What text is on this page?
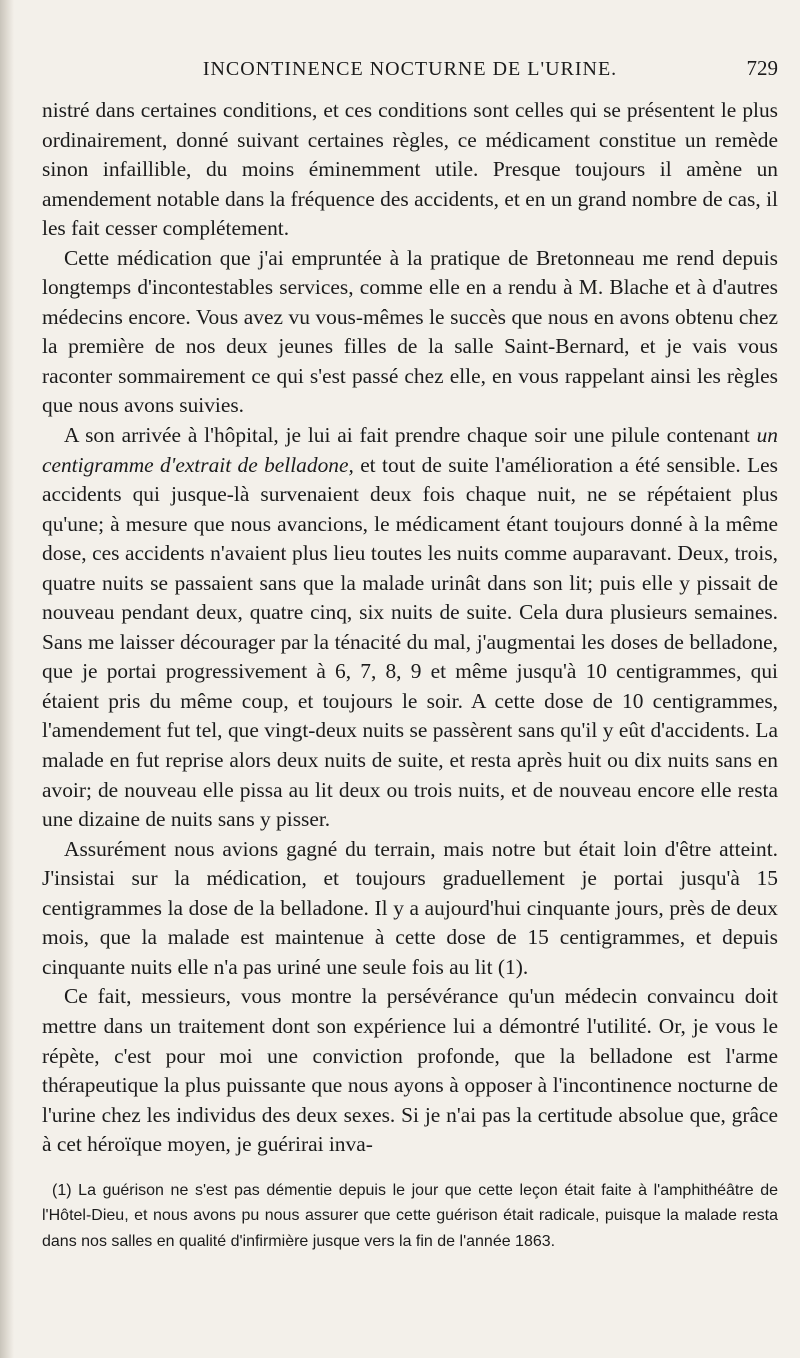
INCONTINENCE NOCTURNE DE L'URINE.	729

nistré dans certaines conditions, et ces conditions sont celles qui se présentent le plus ordinairement, donné suivant certaines règles, ce médicament constitue un remède sinon infaillible, du moins éminemment utile. Presque toujours il amène un amendement notable dans la fréquence des accidents, et en un grand nombre de cas, il les fait cesser complétement.

Cette médication que j'ai empruntée à la pratique de Bretonneau me rend depuis longtemps d'incontestables services, comme elle en a rendu à M. Blache et à d'autres médecins encore. Vous avez vu vous-mêmes le succès que nous en avons obtenu chez la première de nos deux jeunes filles de la salle Saint-Bernard, et je vais vous raconter sommairement ce qui s'est passé chez elle, en vous rappelant ainsi les règles que nous avons suivies.

A son arrivée à l'hôpital, je lui ai fait prendre chaque soir une pilule contenant un centigramme d'extrait de belladone, et tout de suite l'amélioration a été sensible. Les accidents qui jusque-là survenaient deux fois chaque nuit, ne se répétaient plus qu'une; à mesure que nous avancions, le médicament étant toujours donné à la même dose, ces accidents n'avaient plus lieu toutes les nuits comme auparavant. Deux, trois, quatre nuits se passaient sans que la malade urinât dans son lit; puis elle y pissait de nouveau pendant deux, quatre cinq, six nuits de suite. Cela dura plusieurs semaines. Sans me laisser décourager par la ténacité du mal, j'augmentai les doses de belladone, que je portai progressivement à 6, 7, 8, 9 et même jusqu'à 10 centigrammes, qui étaient pris du même coup, et toujours le soir. A cette dose de 10 centigrammes, l'amendement fut tel, que vingt-deux nuits se passèrent sans qu'il y eût d'accidents. La malade en fut reprise alors deux nuits de suite, et resta après huit ou dix nuits sans en avoir; de nouveau elle pissa au lit deux ou trois nuits, et de nouveau encore elle resta une dizaine de nuits sans y pisser.

Assurément nous avions gagné du terrain, mais notre but était loin d'être atteint. J'insistai sur la médication, et toujours graduellement je portai jusqu'à 15 centigrammes la dose de la belladone. Il y a aujourd'hui cinquante jours, près de deux mois, que la malade est maintenue à cette dose de 15 centigrammes, et depuis cinquante nuits elle n'a pas uriné une seule fois au lit (1).

Ce fait, messieurs, vous montre la persévérance qu'un médecin convaincu doit mettre dans un traitement dont son expérience lui a démontré l'utilité. Or, je vous le répète, c'est pour moi une conviction profonde, que la belladone est l'arme thérapeutique la plus puissante que nous ayons à opposer à l'incontinence nocturne de l'urine chez les individus des deux sexes. Si je n'ai pas la certitude absolue que, grâce à cet héroïque moyen, je guérirai inva-

(1) La guérison ne s'est pas démentie depuis le jour que cette leçon était faite à l'amphithéâtre de l'Hôtel-Dieu, et nous avons pu nous assurer que cette guérison était radicale, puisque la malade resta dans nos salles en qualité d'infirmière jusque vers la fin de l'année 1863.
